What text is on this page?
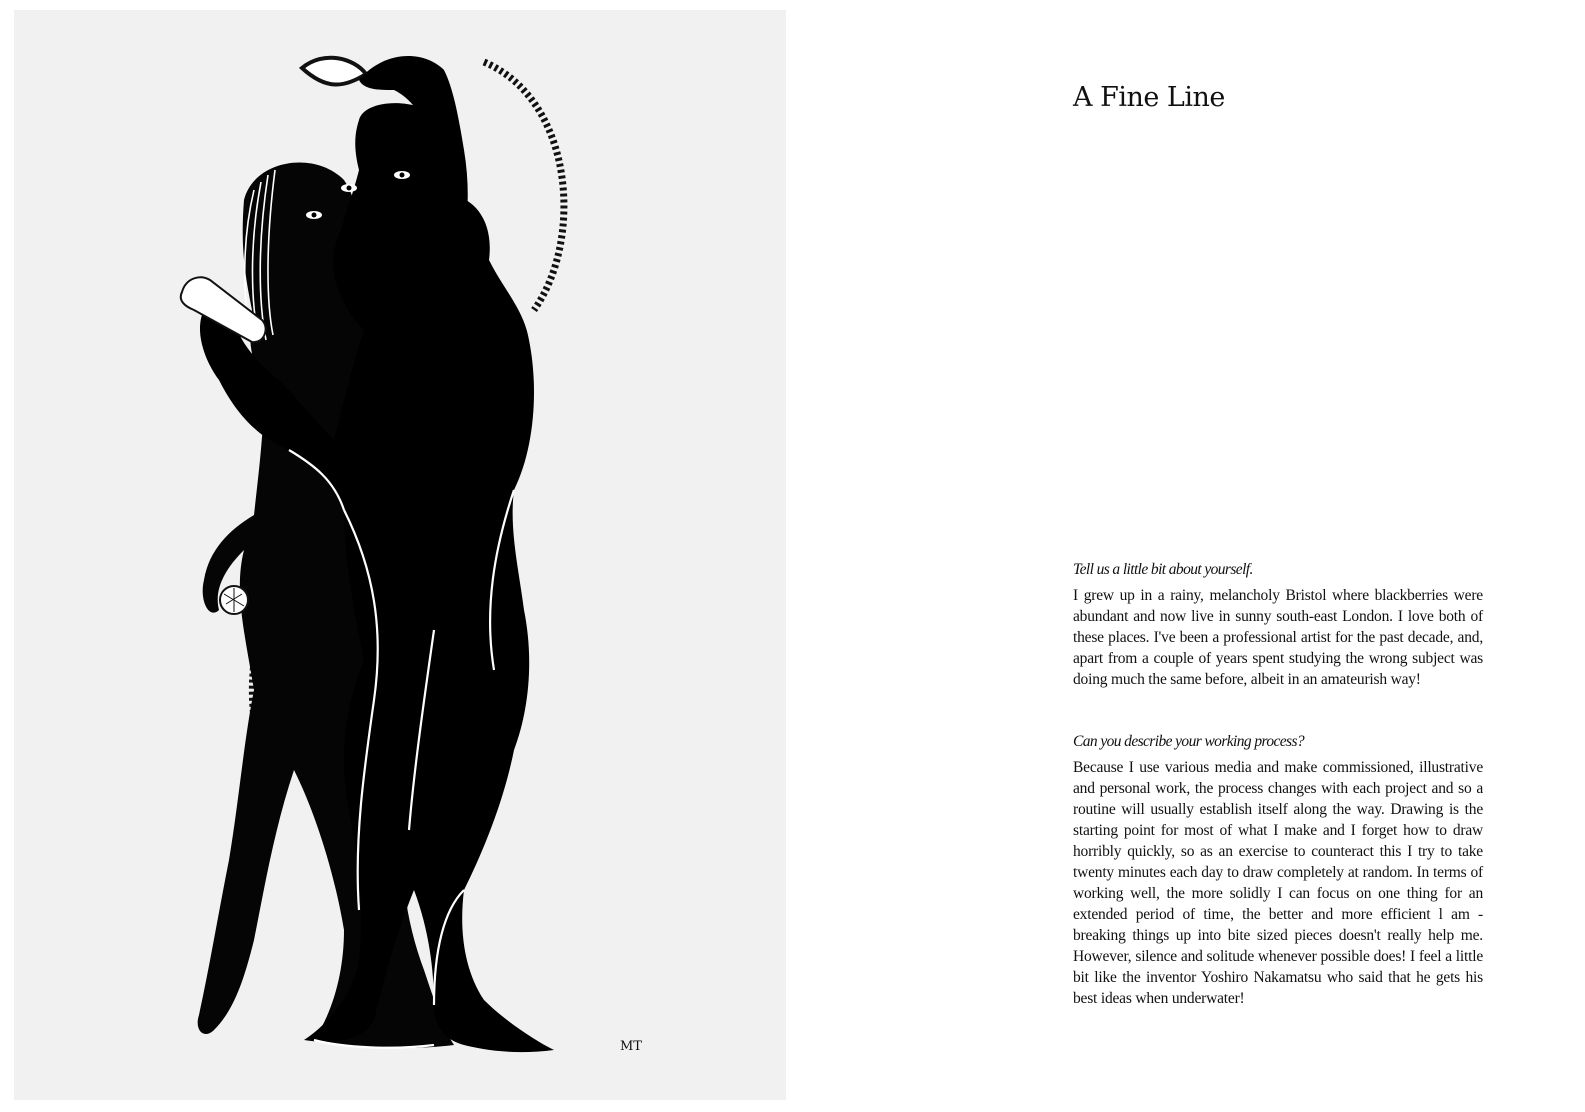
MT
A Fine Line

Tell us a little bit about yourself.

I grew up in a rainy, melancholy Bristol where blackberries were abundant and now live in sunny south-east London. I love both of these places. I've been a professional artist for the past decade, and, apart from a couple of years spent studying the wrong subject was doing much the same before, albeit in an amateurish way!

Can you describe your working process?

Because I use various media and make commissioned, illustrative and personal work, the process changes with each project and so a routine will usually establish itself along the way. Drawing is the starting point for most of what I make and I forget how to draw horribly quickly, so as an exercise to counteract this I try to take twenty minutes each day to draw completely at random. In terms of working well, the more solidly I can focus on one thing for an extended period of time, the better and more efficient l am - breaking things up into bite sized pieces doesn't really help me. However, silence and solitude whenever possible does! I feel a little bit like the inventor Yoshiro Nakamatsu who said that he gets his best ideas when underwater!
